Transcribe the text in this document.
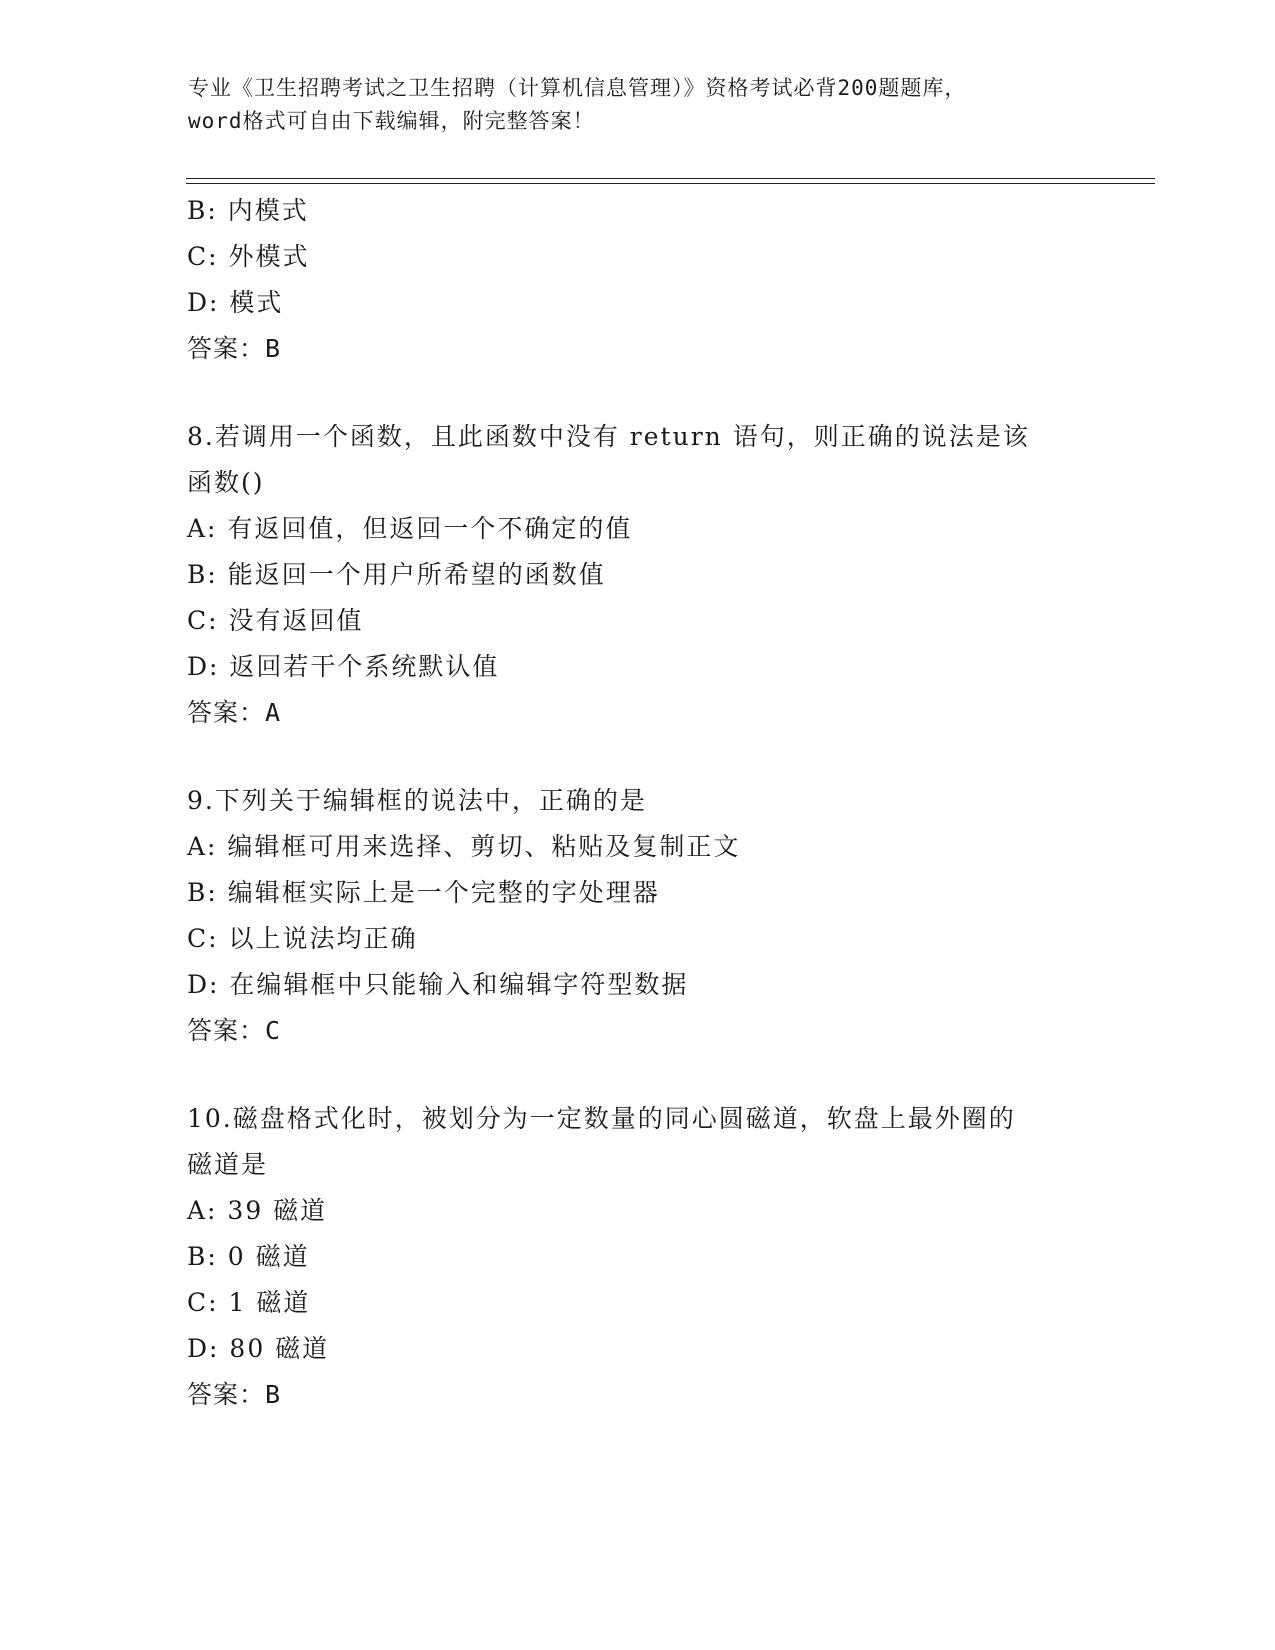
专业《卫生招聘考试之卫生招聘（计算机信息管理）》资格考试必背200题题库，
word格式可自由下载编辑，附完整答案！
B: 内模式
C: 外模式
D: 模式
答案：B
8.若调用一个函数，且此函数中没有 return 语句，则正确的说法是该
函数()
A: 有返回值，但返回一个不确定的值
B: 能返回一个用户所希望的函数值
C: 没有返回值
D: 返回若干个系统默认值
答案：A
9.下列关于编辑框的说法中，正确的是
A: 编辑框可用来选择、剪切、粘贴及复制正文
B: 编辑框实际上是一个完整的字处理器
C: 以上说法均正确
D: 在编辑框中只能输入和编辑字符型数据
答案：C
10.磁盘格式化时，被划分为一定数量的同心圆磁道，软盘上最外圈的
磁道是
A: 39 磁道
B: 0 磁道
C: 1 磁道
D: 80 磁道
答案：B
